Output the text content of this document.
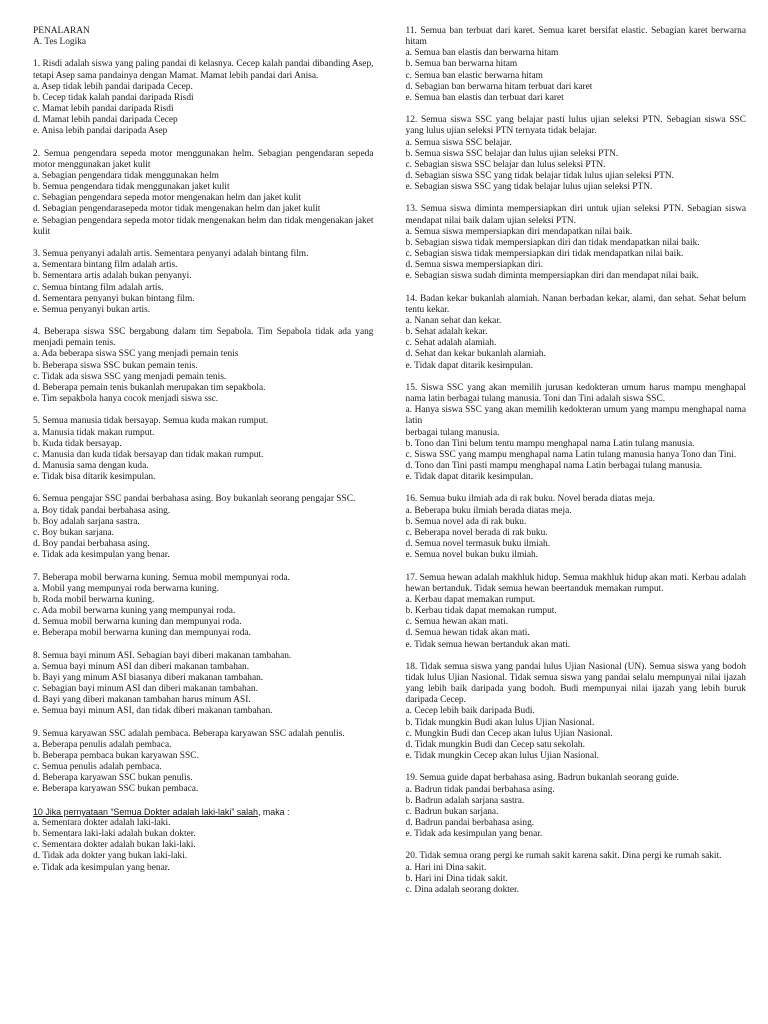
PENALARAN

A. Tes Logika

1. Risdi adalah siswa yang paling pandai di kelasnya. Cecep kalah pandai dibanding Asep, tetapi Asep sama pandainya dengan Mamat. Mamat lebih pandai dari Anisa.

a. Asep tidak lebih pandai daripada Cecep.

b. Cecep tidak kalah pandai daripada Risdi

c. Mamat lebih pandai daripada Risdi

d. Mamat lebih pandai daripada Cecep

e. Anisa lebih pandai daripada Asep

2. Semua pengendara sepeda motor menggunakan helm. Sebagian pengendaran sepeda motor menggunakan jaket kulit

a. Sebagian pengendara tidak menggunakan helm

b. Semua pengendara tidak menggunakan jaket kulit

c. Sebagian pengendara sepeda motor mengenakan helm dan jaket kulit

d. Sebagian pengendarasepeda motor tidak mengenakan helm dan jaket kulit

e. Sebagian pengendara sepeda motor tidak mengenakan helm dan tidak mengenakan jaket kulit

3. Semua penyanyi adalah artis. Sementara penyanyi adalah bintang film.

a. Sementara bintang film adalah artis.

b. Sementara artis adalah bukan penyanyi.

c. Semua bintang film adalah artis.

d. Sementara penyanyi bukan bintang film.

e. Semua penyanyi bukan artis.

4. Beberapa siswa SSC bergabung dalam tim Sepabola. Tim Sepabola tidak ada yang menjadi pemain tenis.

a. Ada beberapa siswa SSC yang menjadi pemain tenis

b. Beberapa siswa SSC bukan pemain tenis.

c. Tidak ada siswa SSC yang menjadi pemain tenis.

d. Beberapa pemain tenis bukanlah merupakan tim sepakbola.

e. Tim sepakbola hanya cocok menjadi siswa ssc.

5. Semua manusia tidak bersayap. Semua kuda makan rumput.

a. Manusia tidak makan rumput.

b. Kuda tidak bersayap.

c. Manusia dan kuda tidak bersayap dan tidak makan rumput.

d. Manusia sama dengan kuda.

e. Tidak bisa ditarik kesimpulan.

6. Semua pengajar SSC pandai berbahasa asing. Boy bukanlah seorang pengajar SSC.

a. Boy tidak pandai berbahasa asing.

b. Boy adalah sarjana sastra.

c. Boy bukan sarjana.

d. Boy pandai berbahasa asing.

e. Tidak ada kesimpulan yang benar.

7. Beberapa mobil berwarna kuning. Semua mobil mempunyai roda.

a. Mobil yang mempunyai roda berwarna kuning.

b. Roda mobil berwarna kuning.

c. Ada mobil berwarna kuning yang mempunyai roda.

d. Semua mobil berwarna kuning dan mempunyai roda.

e. Beberapa mobil berwarna kuning dan mempunyai roda.

8. Semua bayi minum ASI. Sebagian bayi diberi makanan tambahan.

a. Semua bayi minum ASI dan diberi makanan tambahan.

b. Bayi yang minum ASI biasanya diberi makanan tambahan.

c. Sebagian bayi minum ASI dan diberi makanan tambahan.

d. Bayi yang diberi makanan tambahan harus minum ASI.

e. Semua bayi minum ASI, dan tidak diberi makanan tambahan.

9. Semua karyawan SSC adalah pembaca. Beberapa karyawan SSC adalah penulis.

a. Beberapa penulis adalah pembaca.

b. Beberapa pembaca bukan karyawan SSC.

c. Semua penulis adalah pembaca.

d. Beberapa karyawan SSC bukan penulis.

e. Beberapa karyawan SSC bukan pembaca.

10 Jika pernyataan “Semua Dokter adalah laki-laki” salah, maka :

a. Sementara dokter adalah laki-laki.

b. Sementara laki-laki adalah bukan dokter.

c. Sementara dokter adalah bukan laki-laki.

d. Tidak ada dokter yang bukan laki-laki.

e. Tidak ada kesimpulan yang benar.

11. Semua ban terbuat dari karet. Semua karet bersifat elastic. Sebagian karet berwarna hitam

a. Semua ban elastis dan berwarna hitam

b. Semua ban berwarna hitam

c. Semua ban elastic berwarna hitam

d. Sebagian ban berwarna hitam terbuat dari karet

e. Semua ban elastis dan terbuat dari karet

12. Semua siswa SSC yang belajar pasti lulus ujian seleksi PTN. Sebagian siswa SSC yang lulus ujian seleksi PTN ternyata tidak belajar.

a. Semua siswa SSC belajar.

b. Semua siswa SSC belajar dan lulus ujian seleksi PTN.

c. Sebagian siswa SSC belajar dan lulus seleksi PTN.

d. Sebagian siswa SSC yang tidak belajar tidak lulus ujian seleksi PTN.

e. Sebagian siswa SSC yang tidak belajar lulus ujian seleksi PTN.

13. Semua siswa diminta mempersiapkan diri untuk ujian seleksi PTN. Sebagian siswa mendapat nilai baik dalam ujian seleksi PTN.

a. Semua siswa mempersiapkan diri mendapatkan nilai baik.

b. Sebagian siswa tidak mempersiapkan diri dan tidak mendapatkan nilai baik.

c. Sebagian siswa tidak mempersiapkan diri tidak mendapatkan nilai baik.

d. Semua siswa mempersiapkan diri.

e. Sebagian siswa sudah diminta mempersiapkan diri dan mendapat nilai baik.

14. Badan kekar bukanlah alamiah. Nanan berbadan kekar, alami, dan sehat. Sehat belum tentu kekar.

a. Nanan sehat dan kekar.

b. Sehat adalah kekar.

c. Sehat adalah alamiah.

d. Sehat dan kekar bukanlah alamiah.

e. Tidak dapat ditarik kesimpulan.

15. Siswa SSC yang akan memilih jurusan kedokteran umum harus mampu menghapal nama latin berbagai tulang manusia. Toni dan Tini adalah siswa SSC.

a. Hanya siswa SSC yang akan memilih kedokteran umum yang mampu menghapal nama latin

berbagai tulang manusia.

b. Tono dan Tini belum tentu mampu menghapal nama Latin tulang manusia.

c. Siswa SSC yang mampu menghapal nama Latin tulang manusia hanya Tono dan Tini.

d. Tono dan Tini pasti mampu menghapal nama Latin berbagai tulang manusia.

e. Tidak dapat ditarik kesimpulan.

16. Semua buku ilmiah ada di rak buku. Novel berada diatas meja.

a. Beberapa buku ilmiah berada diatas meja.

b. Semua novel ada di rak buku.

c. Beberapa novel berada di rak buku.

d. Semua novel termasuk buku ilmiah.

e. Semua novel bukan buku ilmiah.

17. Semua hewan adalah makhluk hidup. Semua makhluk hidup akan mati. Kerbau adalah hewan bertanduk. Tidak semua hewan beertanduk memakan rumput.

a. Kerbau dapat memakan rumput.

b. Kerbau tidak dapat memakan rumput.

c. Semua hewan akan mati.

d. Semua hewan tidak akan mati.

e. Tidak semua hewan bertanduk akan mati.

18. Tidak semua siswa yang pandai lulus Ujian Nasional (UN). Semua siswa yang bodoh tidak lulus Ujian Nasional. Tidak semua siswa yang pandai selalu mempunyai nilai ijazah yang lebih baik daripada yang bodoh. Budi mempunyai nilai ijazah yang lebih buruk daripada Cecep.

a. Cecep lebih baik daripada Budi.

b. Tidak mungkin Budi akan lulus Ujian Nasional.

c. Mungkin Budi dan Cecep akan lulus Ujian Nasional.

d. Tidak mungkin Budi dan Cecep satu sekolah.

e. Tidak mungkin Cecep akan lulus Ujian Nasional.

19. Semua guide dapat berbahasa asing. Badrun bukanlah seorang guide.

a. Badrun tidak pandai berbahasa asing.

b. Badrun adalah sarjana sastra.

c. Badrun bukan sarjana.

d. Badrun pandai berbahasa asing.

e. Tidak ada kesimpulan yang benar.

20. Tidak semua orang pergi ke rumah sakit karena sakit. Dina pergi ke rumah sakit.

a. Hari ini Dina sakit.

b. Hari ini Dina tidak sakit.

c. Dina adalah seorang dokter.
